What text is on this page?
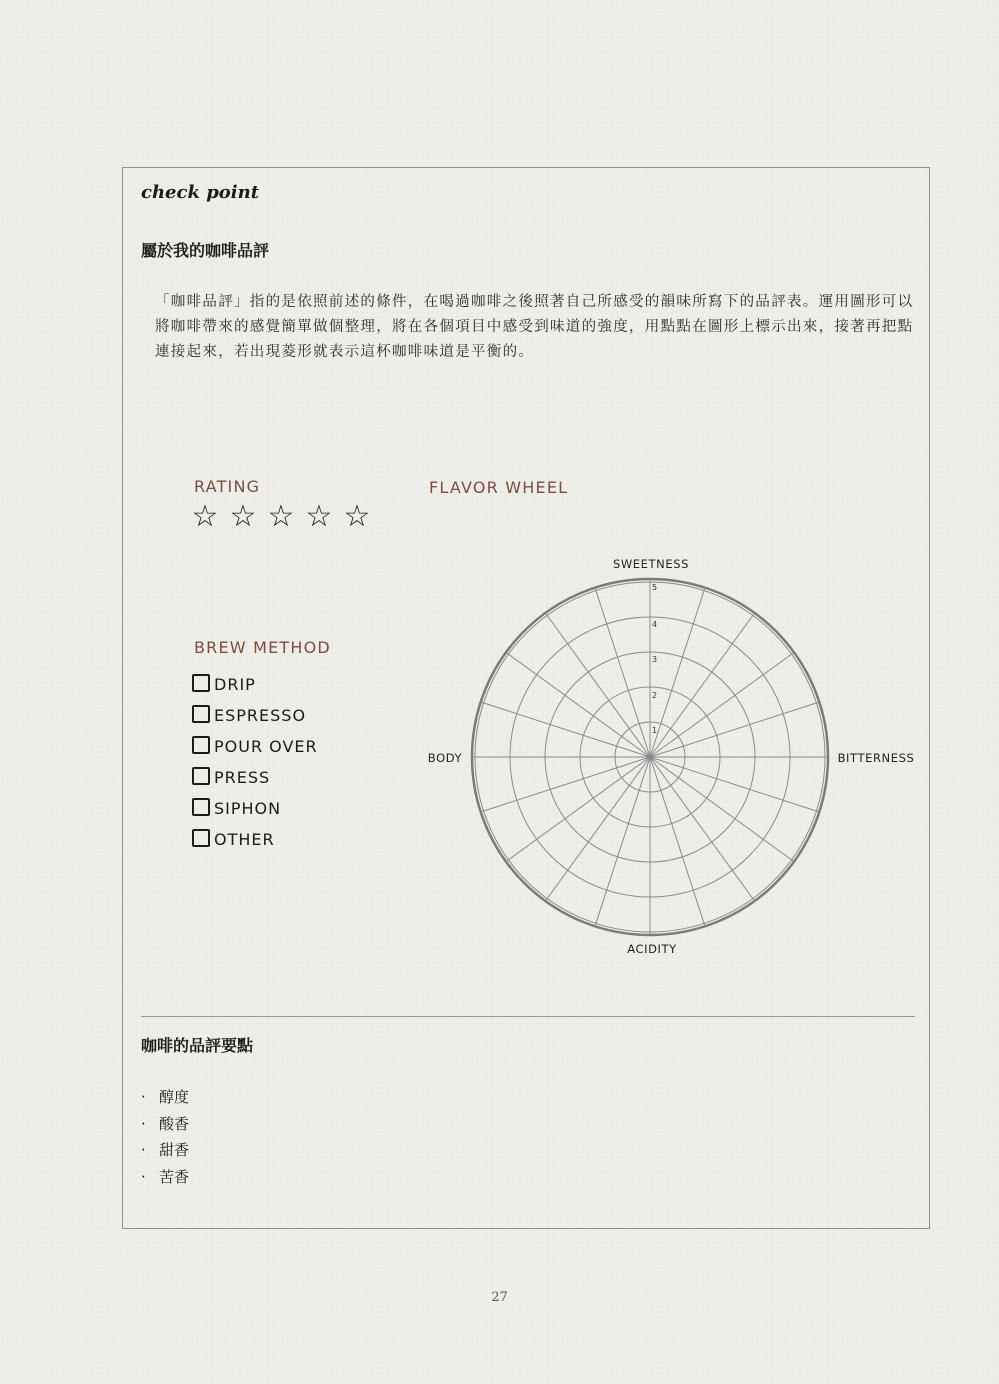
check point
屬於我的咖啡品評

「咖啡品評」指的是依照前述的條件，在喝過咖啡之後照著自己所感受的韻味所寫下的品評表。運用圖形可以將咖啡帶來的感覺簡單做個整理，將在各個項目中感受到味道的強度，用點點在圖形上標示出來，接著再把點連接起來，若出現菱形就表示這杯咖啡味道是平衡的。

RATING
☆ ☆ ☆ ☆ ☆
BREW METHOD
DRIP
ESPRESSO
POUR OVER
PRESS
SIPHON
OTHER
FLAVOR WHEEL
SWEETNESS
BITTERNESS
ACIDITY
BODY
1
2
3
4
5
咖啡的品評要點
· 醇度
· 酸香
· 甜香
· 苦香
27
